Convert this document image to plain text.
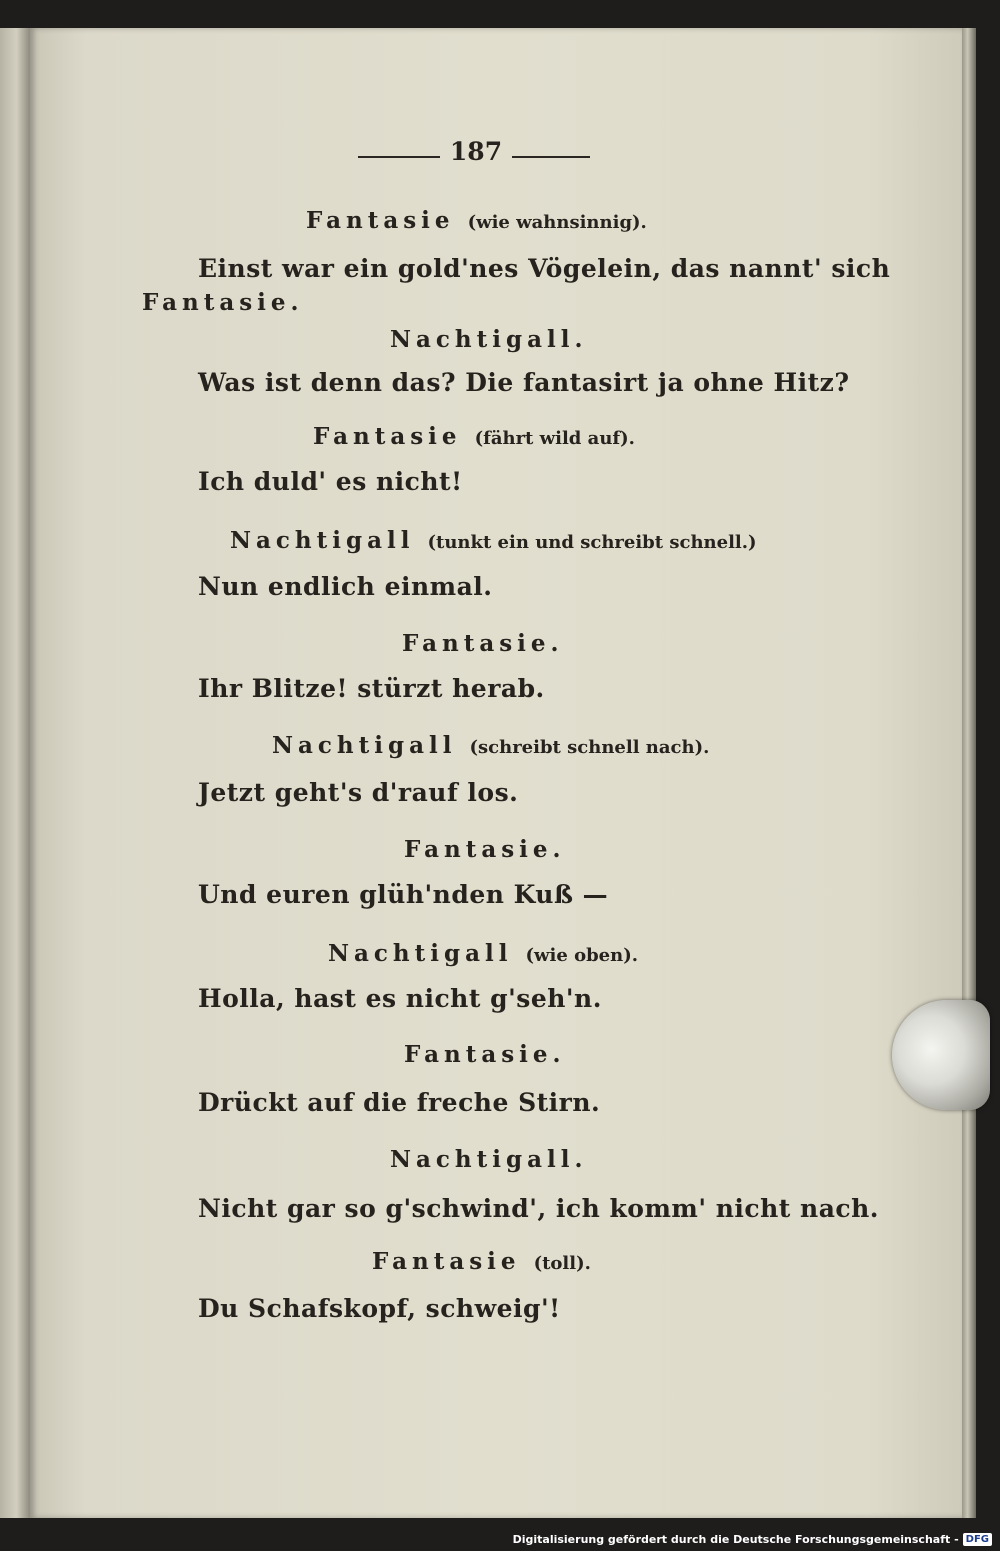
187
Fantasie (wie wahnsinnig).
Einst war ein gold'nes Vögelein, das nannt' sich
Fantasie.
Nachtigall.
Was ist denn das? Die fantasirt ja ohne Hitz?
Fantasie (fährt wild auf).
Ich duld' es nicht!
Nachtigall (tunkt ein und schreibt schnell.)
Nun endlich einmal.
Fantasie.
Ihr Blitze! stürzt herab.
Nachtigall (schreibt schnell nach).
Jetzt geht's d'rauf los.
Fantasie.
Und euren glüh'nden Kuß —
Nachtigall (wie oben).
Holla, hast es nicht g'seh'n.
Fantasie.
Drückt auf die freche Stirn.
Nachtigall.
Nicht gar so g'schwind', ich komm' nicht nach.
Fantasie (toll).
Du Schafskopf, schweig'!
Digitalisierung gefördert durch die Deutsche Forschungsgemeinschaft - DFG
